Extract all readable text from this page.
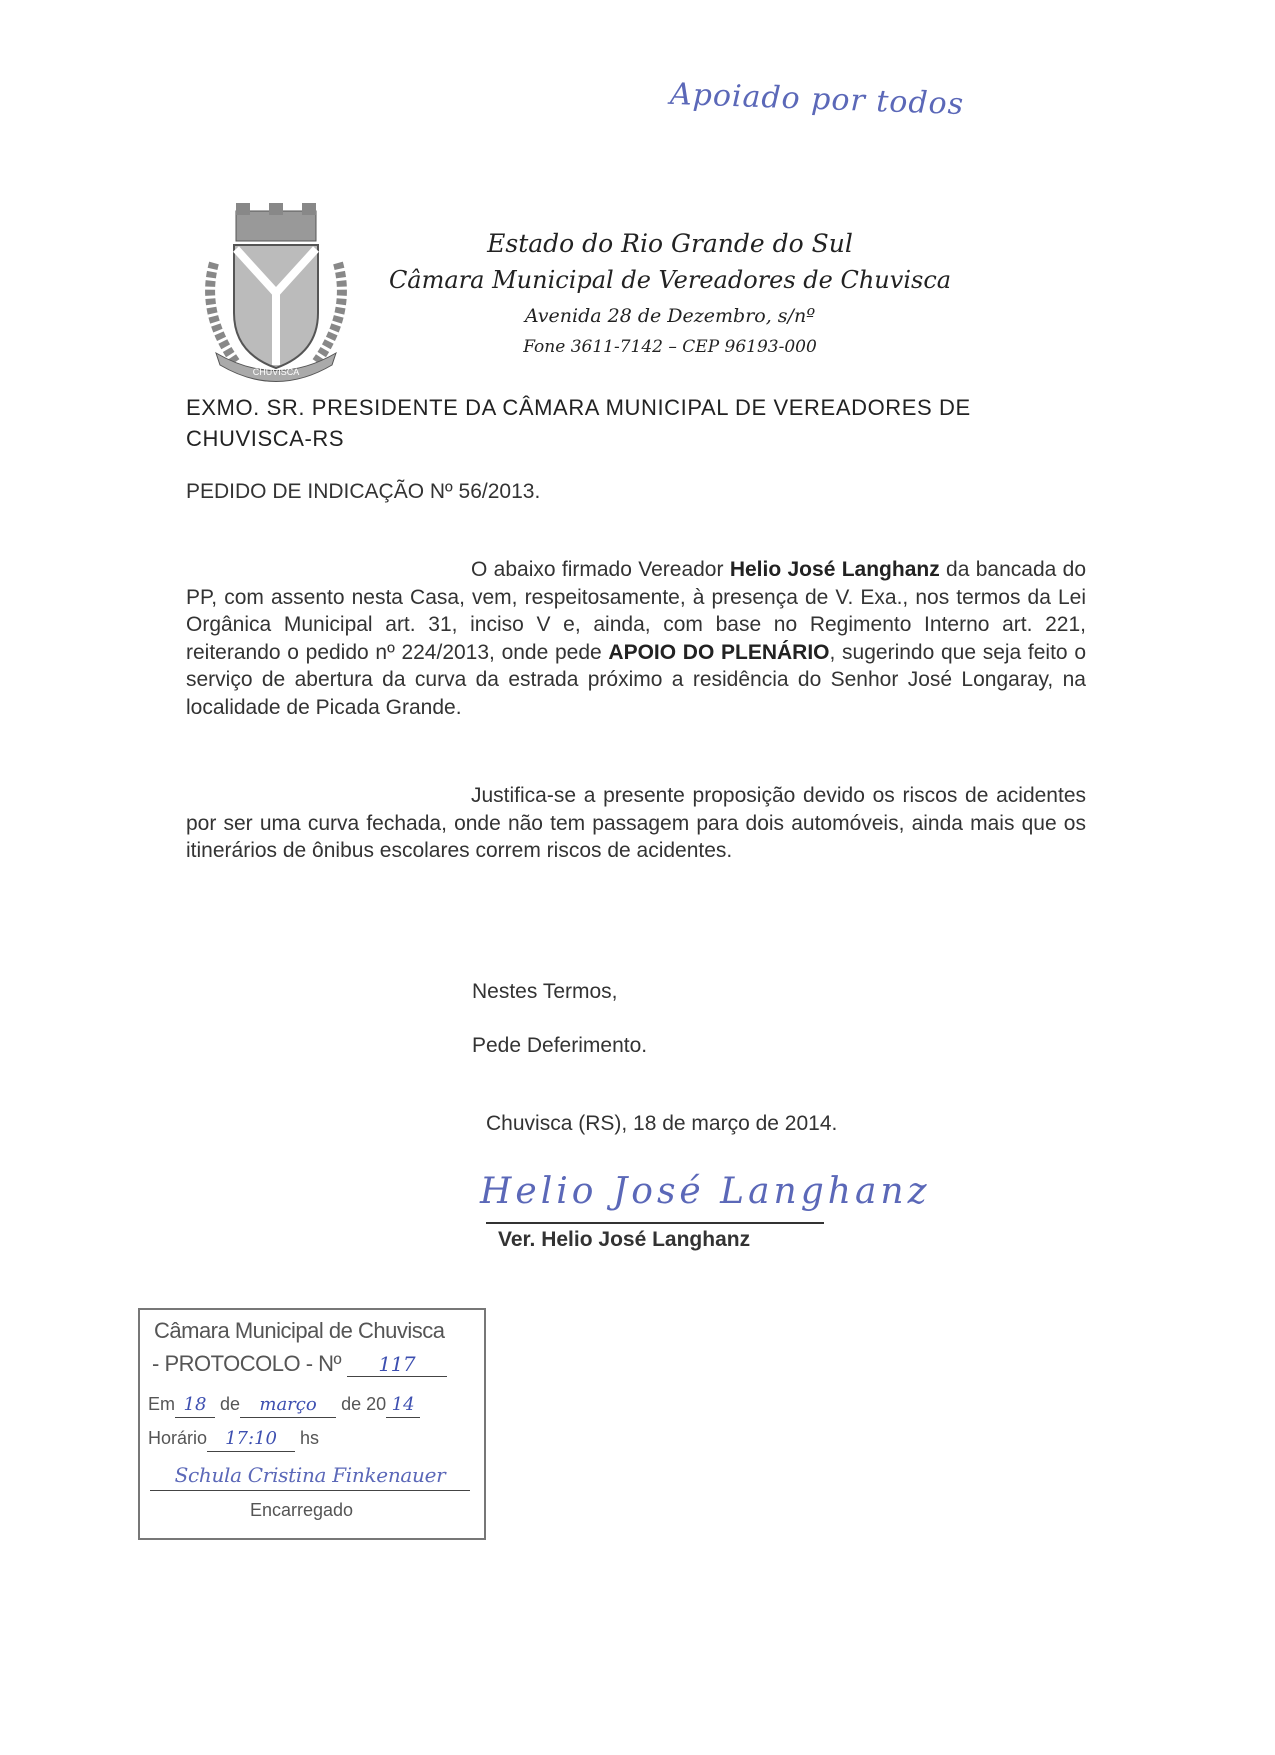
Apoiado por todos
CHUVISCA
Estado do Rio Grande do Sul
Câmara Municipal de Vereadores de Chuvisca
Avenida 28 de Dezembro, s/nº
Fone 3611-7142 – CEP 96193-000
EXMO. SR. PRESIDENTE DA CÂMARA MUNICIPAL DE VEREADORES DE CHUVISCA-RS
PEDIDO DE INDICAÇÃO Nº 56/2013.
O abaixo firmado Vereador Helio José Langhanz da bancada do PP, com assento nesta Casa, vem, respeitosamente, à presença de V. Exa., nos termos da Lei Orgânica Municipal art. 31, inciso V e, ainda, com base no Regimento Interno art. 221, reiterando o pedido nº 224/2013, onde pede APOIO DO PLENÁRIO, sugerindo que seja feito o serviço de abertura da curva da estrada próximo a residência do Senhor José Longaray, na localidade de Picada Grande.
Justifica-se a presente proposição devido os riscos de acidentes por ser uma curva fechada, onde não tem passagem para dois automóveis, ainda mais que os itinerários de ônibus escolares correm riscos de acidentes.
Nestes Termos,
Pede Deferimento.
Chuvisca (RS), 18 de março de 2014.
Helio José Langhanz
Ver. Helio José Langhanz
Câmara Municipal de Chuvisca
- PROTOCOLO - Nº 117
Em 18 de março de 20 14
Horário 17:10 hs
Schula Cristina Finkenauer
Encarregado
